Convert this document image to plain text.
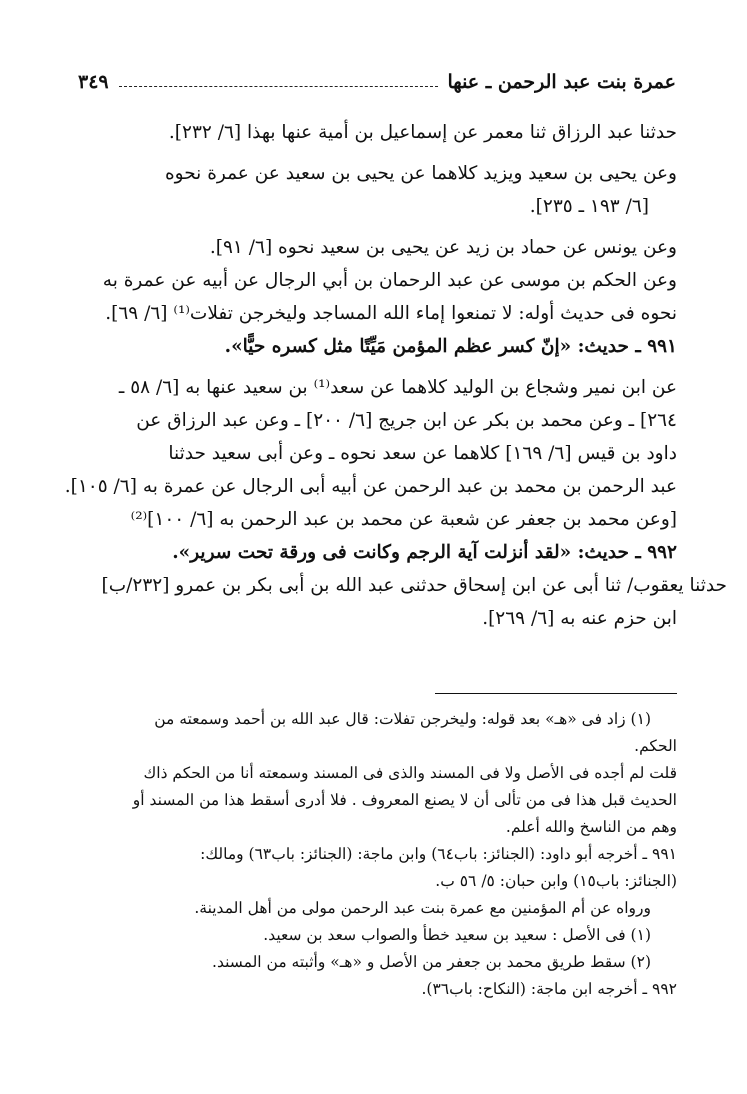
عمرة بنت عبد الرحمن ـ عنها
٣٤٩

حدثنا عبد الرزاق ثنا معمر عن إسماعيل بن أمية عنها بهذا [٦/ ٢٣٢].

وعن يحيى بن سعيد ويزيد كلاهما عن يحيى بن سعيد عن عمرة نحوه

[٦/ ١٩٣ ـ ٢٣٥].

وعن يونس عن حماد بن زيد عن يحيى بن سعيد نحوه [٦/ ٩١].

وعن الحكم بن موسى عن عبد الرحمان بن أبي الرجال عن أبيه عن عمرة به

نحوه فى حديث أوله: لا تمنعوا إماء الله المساجد وليخرجن تفلات⁽¹⁾ [٦/ ٦٩].

٩٩١ ـ حديث: «إنّ كسر عظم المؤمن مَيِّتًا مثل كسره حيًّا».

عن ابن نمير وشجاع بن الوليد كلاهما عن سعد⁽¹⁾ بن سعيد عنها به [٦/ ٥٨ ـ

٢٦٤] ـ وعن محمد بن بكر عن ابن جريج [٦/ ٢٠٠] ـ وعن عبد الرزاق عن

داود بن قيس [٦/ ١٦٩] كلاهما عن سعد نحوه ـ وعن أبى سعيد حدثنا

عبد الرحمن بن محمد بن عبد الرحمن عن أبيه أبى الرجال عن عمرة به [٦/ ١٠٥].

[وعن محمد بن جعفر عن شعبة عن محمد بن عبد الرحمن به [٦/ ١٠٠]⁽²⁾

٩٩٢ ـ حديث: «لقد أنزلت آية الرجم وكانت فى ورقة تحت سرير».

حدثنا يعقوب/ ثنا أبى عن ابن إسحاق حدثنى عبد الله بن أبى بكر بن عمرو [٢٣٢/ب]

ابن حزم عنه به [٦/ ٢٦٩].

(١) زاد فى «هـ» بعد قوله: وليخرجن تفلات: قال عبد الله بن أحمد وسمعته من

الحكم.

قلت لم أجده فى الأصل ولا فى المسند والذى فى المسند وسمعته أنا من الحكم ذاك

الحديث قبل هذا فى من تألى أن لا يصنع المعروف . فلا أدرى أسقط هذا من المسند أو

وهم من الناسخ والله أعلم.

٩٩١ ـ أخرجه أبو داود: (الجنائز: باب٦٤) وابن ماجة: (الجنائز: باب٦٣) ومالك:

(الجنائز: باب١٥) وابن حبان: ٥/ ٥٦ ب.

ورواه عن أم المؤمنين مع عمرة بنت عبد الرحمن مولى من أهل المدينة.

(١) فى الأصل : سعيد بن سعيد خطأ والصواب سعد بن سعيد.

(٢) سقط طريق محمد بن جعفر من الأصل و «هـ» وأثبته من المسند.

٩٩٢ ـ أخرجه ابن ماجة: (النكاح: باب٣٦).
